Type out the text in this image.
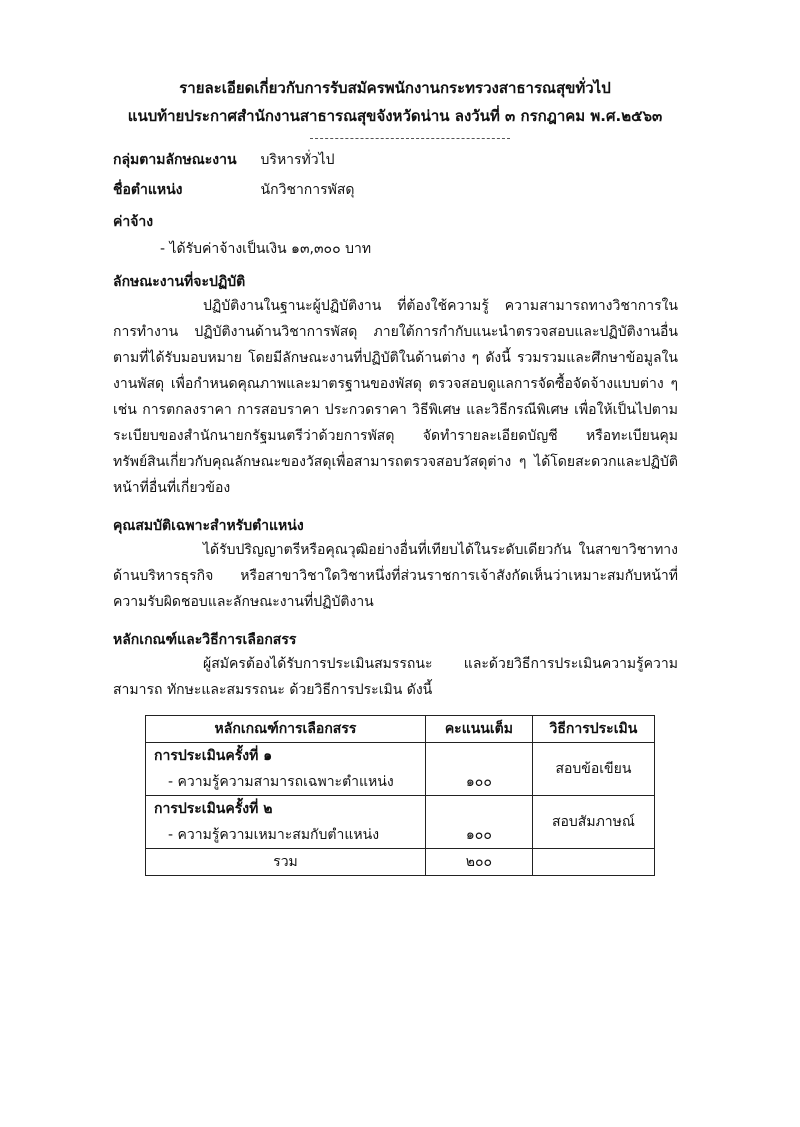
รายละเอียดเกี่ยวกับการรับสมัครพนักงานกระทรวงสาธารณสุขทั่วไป
แนบท้ายประกาศสำนักงานสาธารณสุขจังหวัดน่าน ลงวันที่ ๓ กรกฎาคม พ.ศ.๒๕๖๓
กลุ่มตามลักษณะงาน บริหารทั่วไป
ชื่อตำแหน่ง	นักวิชาการพัสดุ
ค่าจ้าง
- ได้รับค่าจ้างเป็นเงิน ๑๓,๓๐๐ บาท
ลักษณะงานที่จะปฏิบัติ
ปฏิบัติงานในฐานะผู้ปฏิบัติงาน ที่ต้องใช้ความรู้ ความสามารถทางวิชาการในการทำงาน ปฏิบัติงานด้านวิชาการพัสดุ ภายใต้การกำกับแนะนำตรวจสอบและปฏิบัติงานอื่นตามที่ได้รับมอบหมาย โดยมีลักษณะงานที่ปฏิบัติในด้านต่าง ๆ ดังนี้ รวมรวมและศึกษาข้อมูลในงานพัสดุ เพื่อกำหนดคุณภาพและมาตรฐานของพัสดุ ตรวจสอบดูแลการจัดซื้อจัดจ้างแบบต่าง ๆ เช่น การตกลงราคา การสอบราคา ประกวดราคา วิธีพิเศษ และวิธีกรณีพิเศษ เพื่อให้เป็นไปตามระเบียบของสำนักนายกรัฐมนตรีว่าด้วยการพัสดุ จัดทำรายละเอียดบัญชี หรือทะเบียนคุมทรัพย์สินเกี่ยวกับคุณลักษณะของวัสดุเพื่อสามารถตรวจสอบวัสดุต่าง ๆ ได้โดยสะดวกและปฏิบัติหน้าที่อื่นที่เกี่ยวข้อง
คุณสมบัติเฉพาะสำหรับตำแหน่ง
ได้รับปริญญาตรีหรือคุณวุฒิอย่างอื่นที่เทียบได้ในระดับเดียวกัน ในสาขาวิชาทางด้านบริหารธุรกิจ หรือสาขาวิชาใดวิชาหนึ่งที่ส่วนราชการเจ้าสังกัดเห็นว่าเหมาะสมกับหน้าที่ความรับผิดชอบและลักษณะงานที่ปฏิบัติงาน
หลักเกณฑ์และวิธีการเลือกสรร
ผู้สมัครต้องได้รับการประเมินสมรรถนะ และด้วยวิธีการประเมินความรู้ความสามารถ ทักษะและสมรรถนะ ด้วยวิธีการประเมิน ดังนี้
หลักเกณฑ์การเลือกสรร	คะแนนเต็ม	วิธีการประเมิน

การประเมินครั้งที่ ๑
- ความรู้ความสามารถเฉพาะตำแหน่ง	๑๐๐	สอบข้อเขียน

การประเมินครั้งที่ ๒
- ความรู้ความเหมาะสมกับตำแหน่ง	๑๐๐	สอบสัมภาษณ์
รวม	๒๐๐	
